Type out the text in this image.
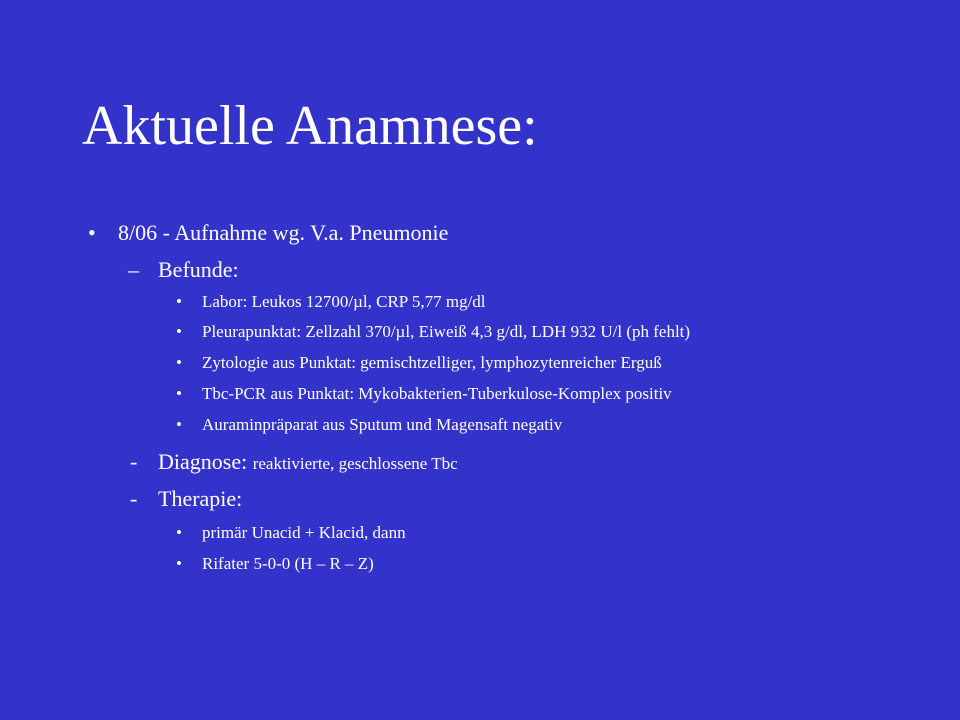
Aktuelle Anamnese:
• 8/06 - Aufnahme wg. V.a. Pneumonie
– Befunde:
• Labor: Leukos 12700/µl, CRP 5,77 mg/dl
• Pleurapunktat: Zellzahl 370/µl, Eiweiß 4,3 g/dl, LDH 932 U/l (ph fehlt)
• Zytologie aus Punktat: gemischtzelliger, lymphozytenreicher Erguß
• Tbc-PCR aus Punktat: Mykobakterien-Tuberkulose-Komplex positiv
• Auraminpräparat aus Sputum und Magensaft negativ
- Diagnose: reaktivierte, geschlossene Tbc
- Therapie:
• primär Unacid + Klacid, dann
• Rifater 5-0-0 (H – R – Z)
